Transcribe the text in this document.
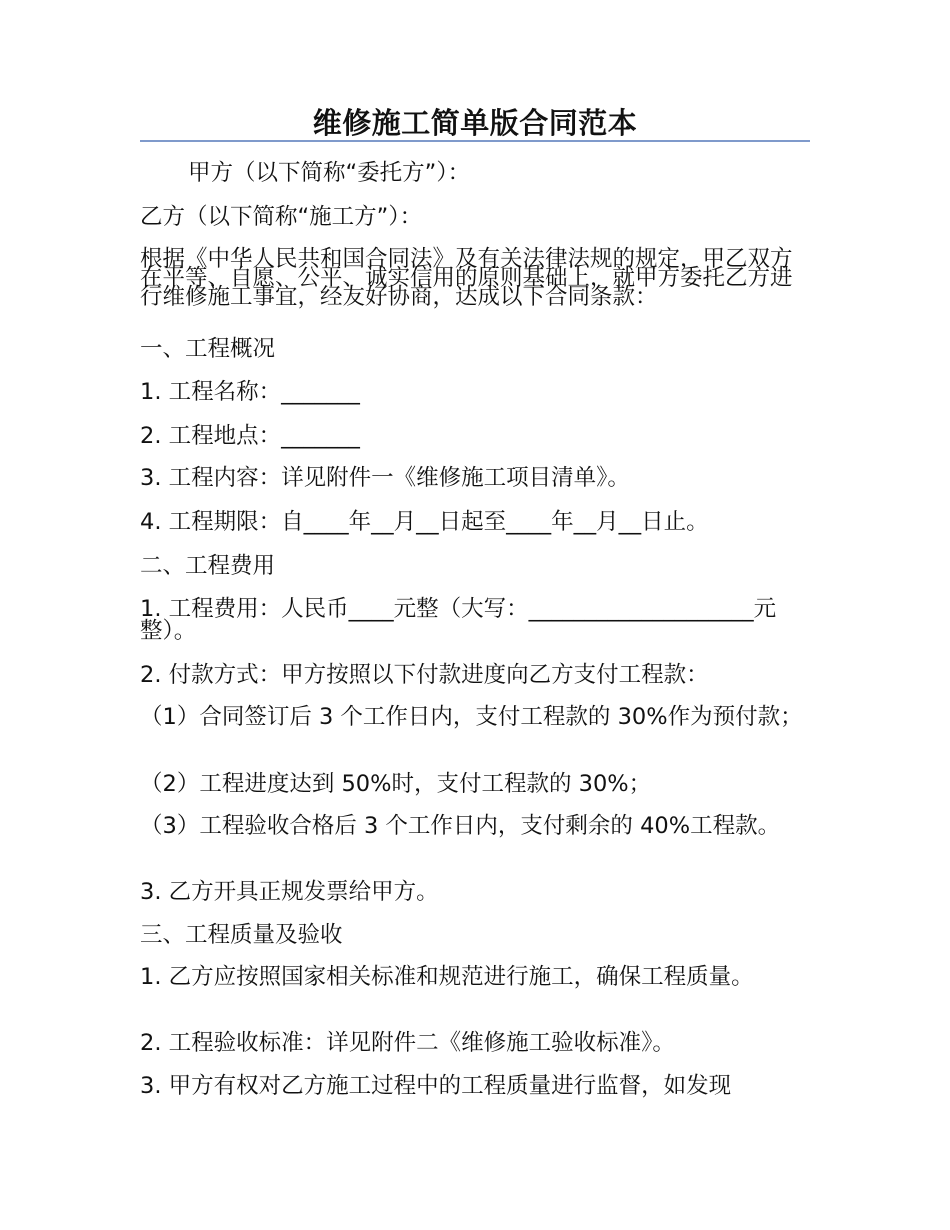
维修施工简单版合同范本
甲方（以下简称“委托方”）：
乙方（以下简称“施工方”）：
根据《中华人民共和国合同法》及有关法律法规的规定，甲乙双方在平等、自愿、公平、诚实信用的原则基础上，就甲方委托乙方进行维修施工事宜，经友好协商，达成以下合同条款：
一、工程概况
1. 工程名称：_______
2. 工程地点：_______
3. 工程内容：详见附件一《维修施工项目清单》。
4. 工程期限：自____年__月__日起至____年__月__日止。
二、工程费用
1. 工程费用：人民币____元整（大写：____________________元整）。
2. 付款方式：甲方按照以下付款进度向乙方支付工程款：
（1）合同签订后 3 个工作日内，支付工程款的 30%作为预付款；
（2）工程进度达到 50%时，支付工程款的 30%；
（3）工程验收合格后 3 个工作日内，支付剩余的 40%工程款。
3. 乙方开具正规发票给甲方。
三、工程质量及验收
1. 乙方应按照国家相关标准和规范进行施工，确保工程质量。
2. 工程验收标准：详见附件二《维修施工验收标准》。
3. 甲方有权对乙方施工过程中的工程质量进行监督，如发现
